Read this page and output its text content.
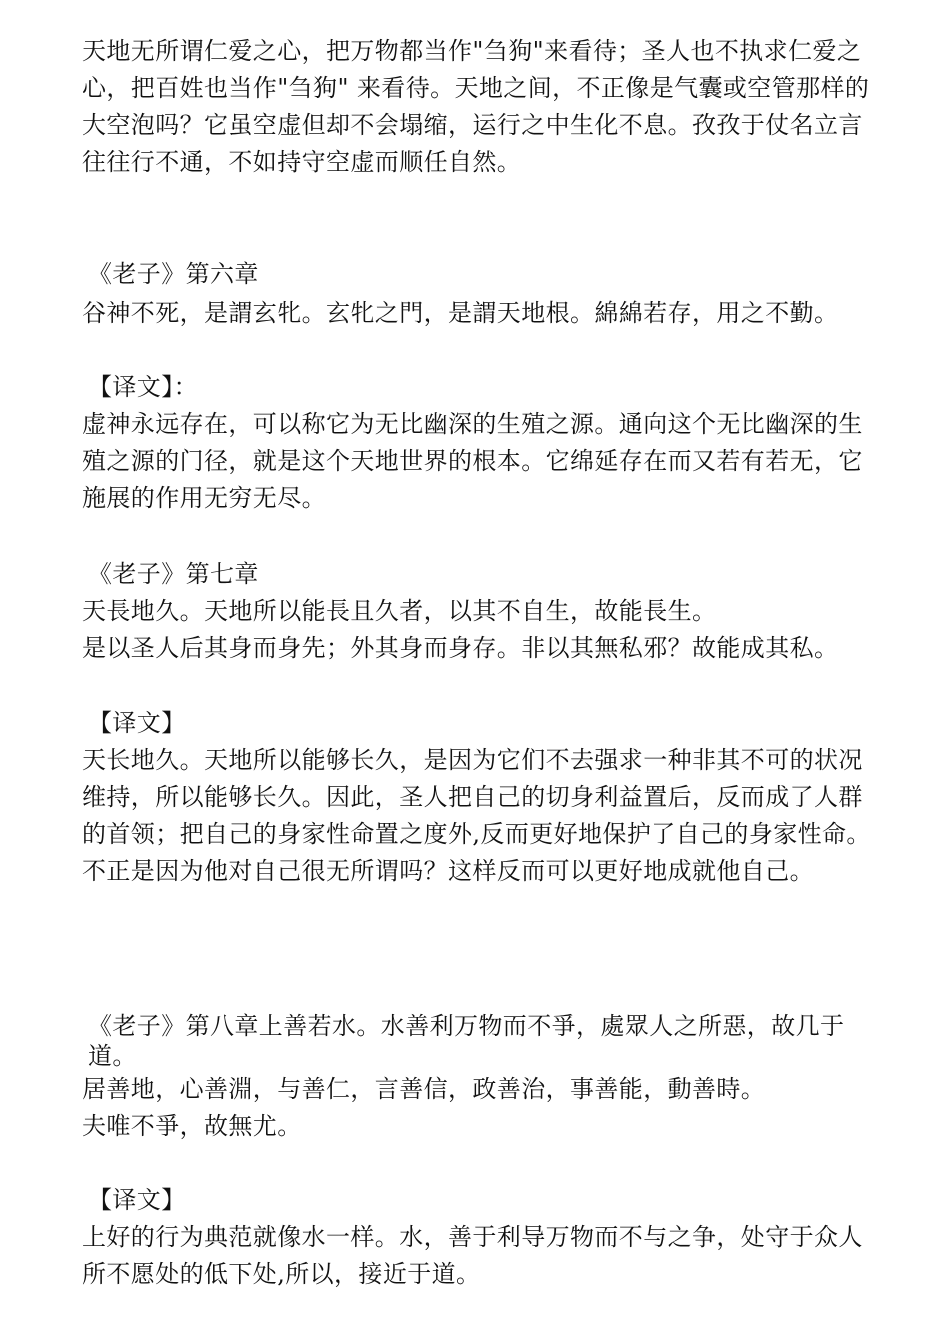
天地无所谓仁爱之心，把万物都当作"刍狗"来看待；圣人也不执求仁爱之心，把百姓也当作"刍狗" 来看待。天地之间，不正像是气囊或空管那样的大空泡吗？它虽空虚但却不会塌缩，运行之中生化不息。孜孜于仗名立言往往行不通，不如持守空虚而顺任自然。

《老子》第六章

谷神不死，是謂玄牝。玄牝之門，是謂天地根。綿綿若存，用之不勤。

【译文】：

虚神永远存在，可以称它为无比幽深的生殖之源。通向这个无比幽深的生殖之源的门径，就是这个天地世界的根本。它绵延存在而又若有若无，它施展的作用无穷无尽。

《老子》第七章

天長地久。天地所以能長且久者，以其不自生，故能長生。

是以圣人后其身而身先；外其身而身存。非以其無私邪？故能成其私。

【译文】

天长地久。天地所以能够长久，是因为它们不去强求一种非其不可的状况维持，所以能够长久。因此，圣人把自己的切身利益置后，反而成了人群的首领；把自己的身家性命置之度外,反而更好地保护了自己的身家性命。不正是因为他对自己很无所谓吗？这样反而可以更好地成就他自己。

《老子》第八章上善若水。水善利万物而不爭，處眾人之所惡，故几于道。

居善地，心善淵，与善仁，言善信，政善治，事善能，動善時。

夫唯不爭，故無尤。

【译文】

上好的行为典范就像水一样。水，善于利导万物而不与之争，处守于众人所不愿处的低下处,所以，接近于道。
